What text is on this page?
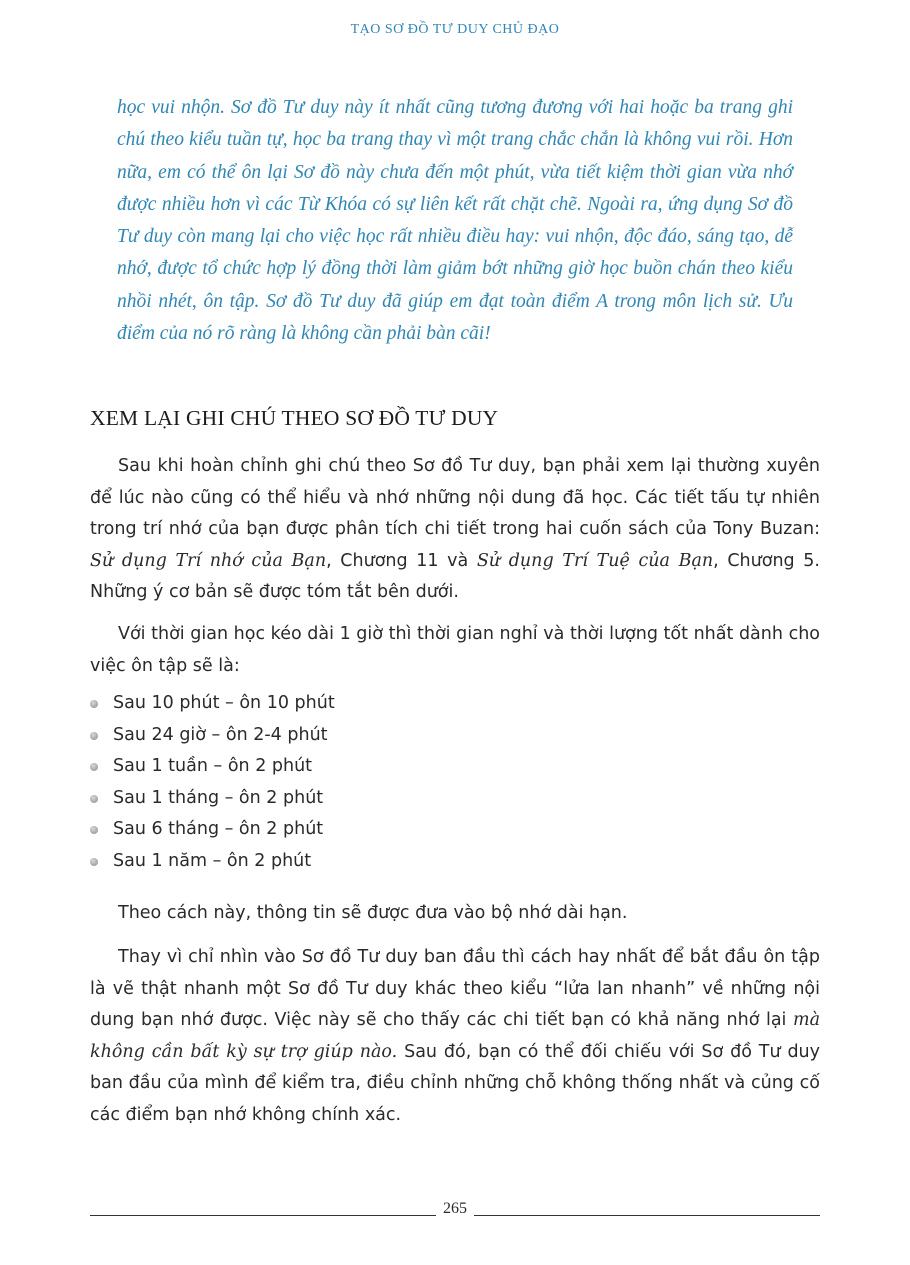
TẠO SƠ ĐỒ TƯ DUY CHỦ ĐẠO

học vui nhộn. Sơ đồ Tư duy này ít nhất cũng tương đương với hai hoặc ba trang ghi chú theo kiểu tuần tự, học ba trang thay vì một trang chắc chắn là không vui rồi. Hơn nữa, em có thể ôn lại Sơ đồ này chưa đến một phút, vừa tiết kiệm thời gian vừa nhớ được nhiều hơn vì các Từ Khóa có sự liên kết rất chặt chẽ. Ngoài ra, ứng dụng Sơ đồ Tư duy còn mang lại cho việc học rất nhiều điều hay: vui nhộn, độc đáo, sáng tạo, dễ nhớ, được tổ chức hợp lý đồng thời làm giảm bớt những giờ học buồn chán theo kiểu nhồi nhét, ôn tập. Sơ đồ Tư duy đã giúp em đạt toàn điểm A trong môn lịch sử. Ưu điểm của nó rõ ràng là không cần phải bàn cãi!

XEM LẠI GHI CHÚ THEO SƠ ĐỒ TƯ DUY

Sau khi hoàn chỉnh ghi chú theo Sơ đồ Tư duy, bạn phải xem lại thường xuyên để lúc nào cũng có thể hiểu và nhớ những nội dung đã học. Các tiết tấu tự nhiên trong trí nhớ của bạn được phân tích chi tiết trong hai cuốn sách của Tony Buzan: Sử dụng Trí nhớ của Bạn, Chương 11 và Sử dụng Trí Tuệ của Bạn, Chương 5. Những ý cơ bản sẽ được tóm tắt bên dưới.

Với thời gian học kéo dài 1 giờ thì thời gian nghỉ và thời lượng tốt nhất dành cho việc ôn tập sẽ là:

Sau 10 phút – ôn 10 phút
Sau 24 giờ – ôn 2-4 phút
Sau 1 tuần – ôn 2 phút
Sau 1 tháng – ôn 2 phút
Sau 6 tháng – ôn 2 phút
Sau 1 năm – ôn 2 phút

Theo cách này, thông tin sẽ được đưa vào bộ nhớ dài hạn.

Thay vì chỉ nhìn vào Sơ đồ Tư duy ban đầu thì cách hay nhất để bắt đầu ôn tập là vẽ thật nhanh một Sơ đồ Tư duy khác theo kiểu “lửa lan nhanh” về những nội dung bạn nhớ được. Việc này sẽ cho thấy các chi tiết bạn có khả năng nhớ lại mà không cần bất kỳ sự trợ giúp nào. Sau đó, bạn có thể đối chiếu với Sơ đồ Tư duy ban đầu của mình để kiểm tra, điều chỉnh những chỗ không thống nhất và củng cố các điểm bạn nhớ không chính xác.

265
